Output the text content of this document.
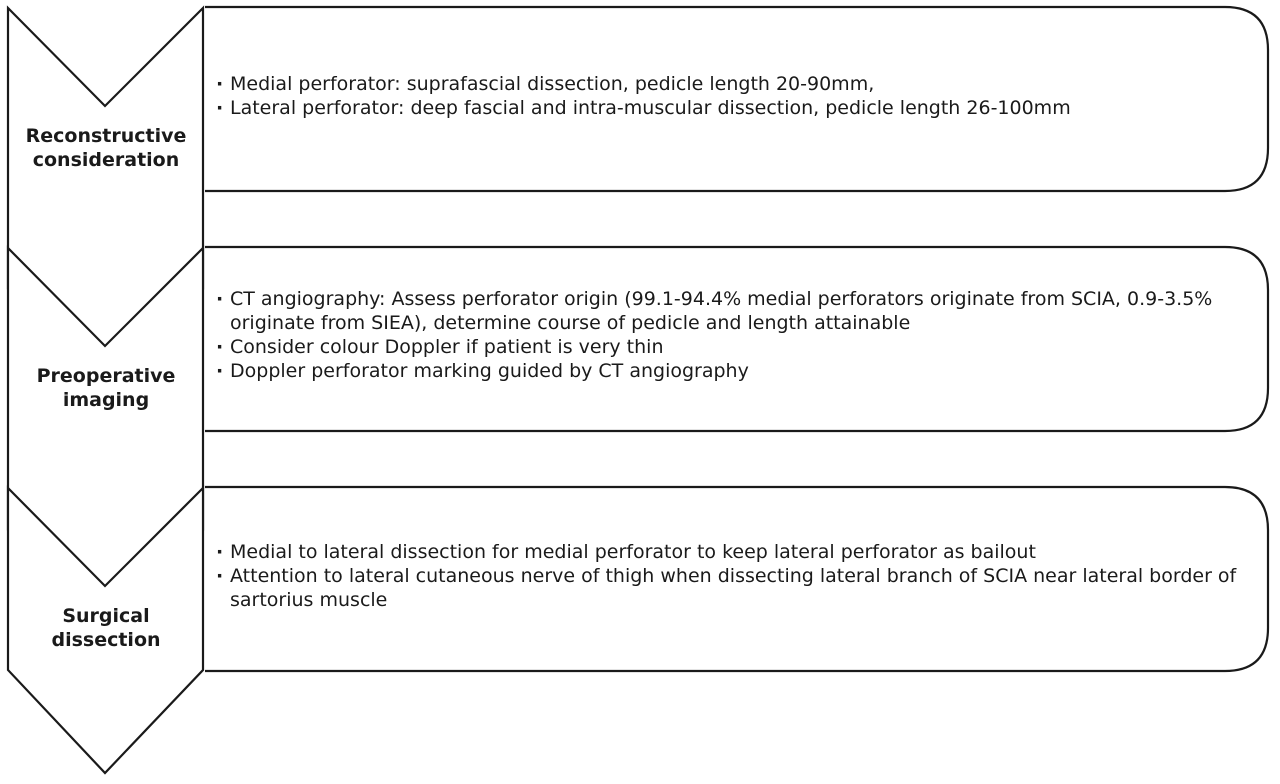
Reconstructive
consideration

· Medial perforator: suprafascial dissection, pedicle length 20-90mm,

· Lateral perforator: deep fascial and intra-muscular dissection, pedicle length 26-100mm

Preoperative
imaging

· CT angiography: Assess perforator origin (99.1-94.4% medial perforators originate from SCIA, 0.9-3.5% originate from SIEA), determine course of pedicle and length attainable

· Consider colour Doppler if patient is very thin

· Doppler perforator marking guided by CT angiography

Surgical
dissection

· Medial to lateral dissection for medial perforator to keep lateral perforator as bailout

· Attention to lateral cutaneous nerve of thigh when dissecting lateral branch of SCIA near lateral border of sartorius muscle
